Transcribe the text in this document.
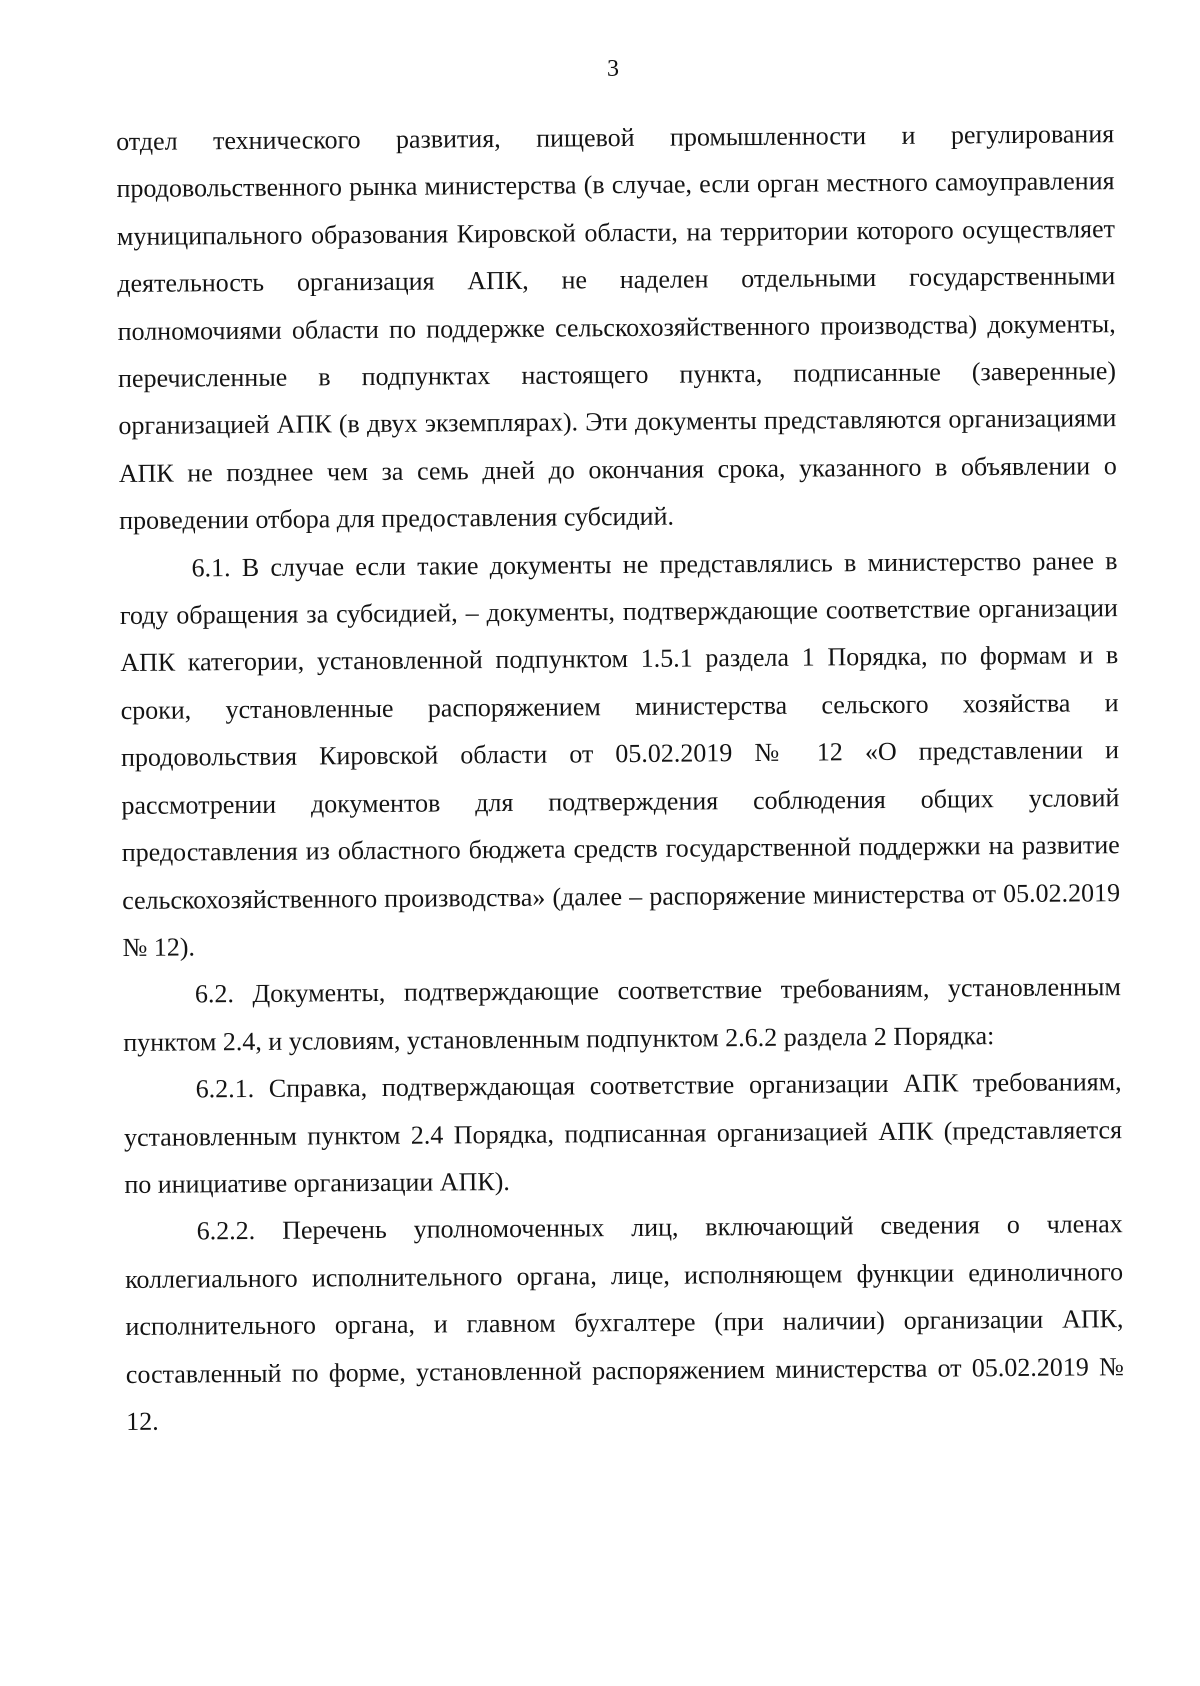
3

отдел технического развития, пищевой промышленности и регулирования продовольственного рынка министерства (в случае, если орган местного самоуправления муниципального образования Кировской области, на территории которого осуществляет деятельность организация АПК, не наделен отдельными государственными полномочиями области по поддержке сельскохозяйственного производства) документы, перечисленные в подпунктах настоящего пункта, подписанные (заверенные) организацией АПК (в двух экземплярах). Эти документы представляются организациями АПК не позднее чем за семь дней до окончания срока, указанного в объявлении о проведении отбора для предоставления субсидий.

6.1. В случае если такие документы не представлялись в министерство ранее в году обращения за субсидией, – документы, подтверждающие соответствие организации АПК категории, установленной подпунктом 1.5.1 раздела 1 Порядка, по формам и в сроки, установленные распоряжением министерства сельского хозяйства и продовольствия Кировской области от 05.02.2019 № 12 «О представлении и рассмотрении документов для подтверждения соблюдения общих условий предоставления из областного бюджета средств государственной поддержки на развитие сельскохозяйственного производства» (далее – распоряжение министерства от 05.02.2019 № 12).

6.2. Документы, подтверждающие соответствие требованиям, установленным пунктом 2.4, и условиям, установленным подпунктом 2.6.2 раздела 2 Порядка:

6.2.1. Справка, подтверждающая соответствие организации АПК требованиям, установленным пунктом 2.4 Порядка, подписанная организацией АПК (представляется по инициативе организации АПК).

6.2.2. Перечень уполномоченных лиц, включающий сведения о членах коллегиального исполнительного органа, лице, исполняющем функции единоличного исполнительного органа, и главном бухгалтере (при наличии) организации АПК, составленный по форме, установленной распоряжением министерства от 05.02.2019 № 12.
